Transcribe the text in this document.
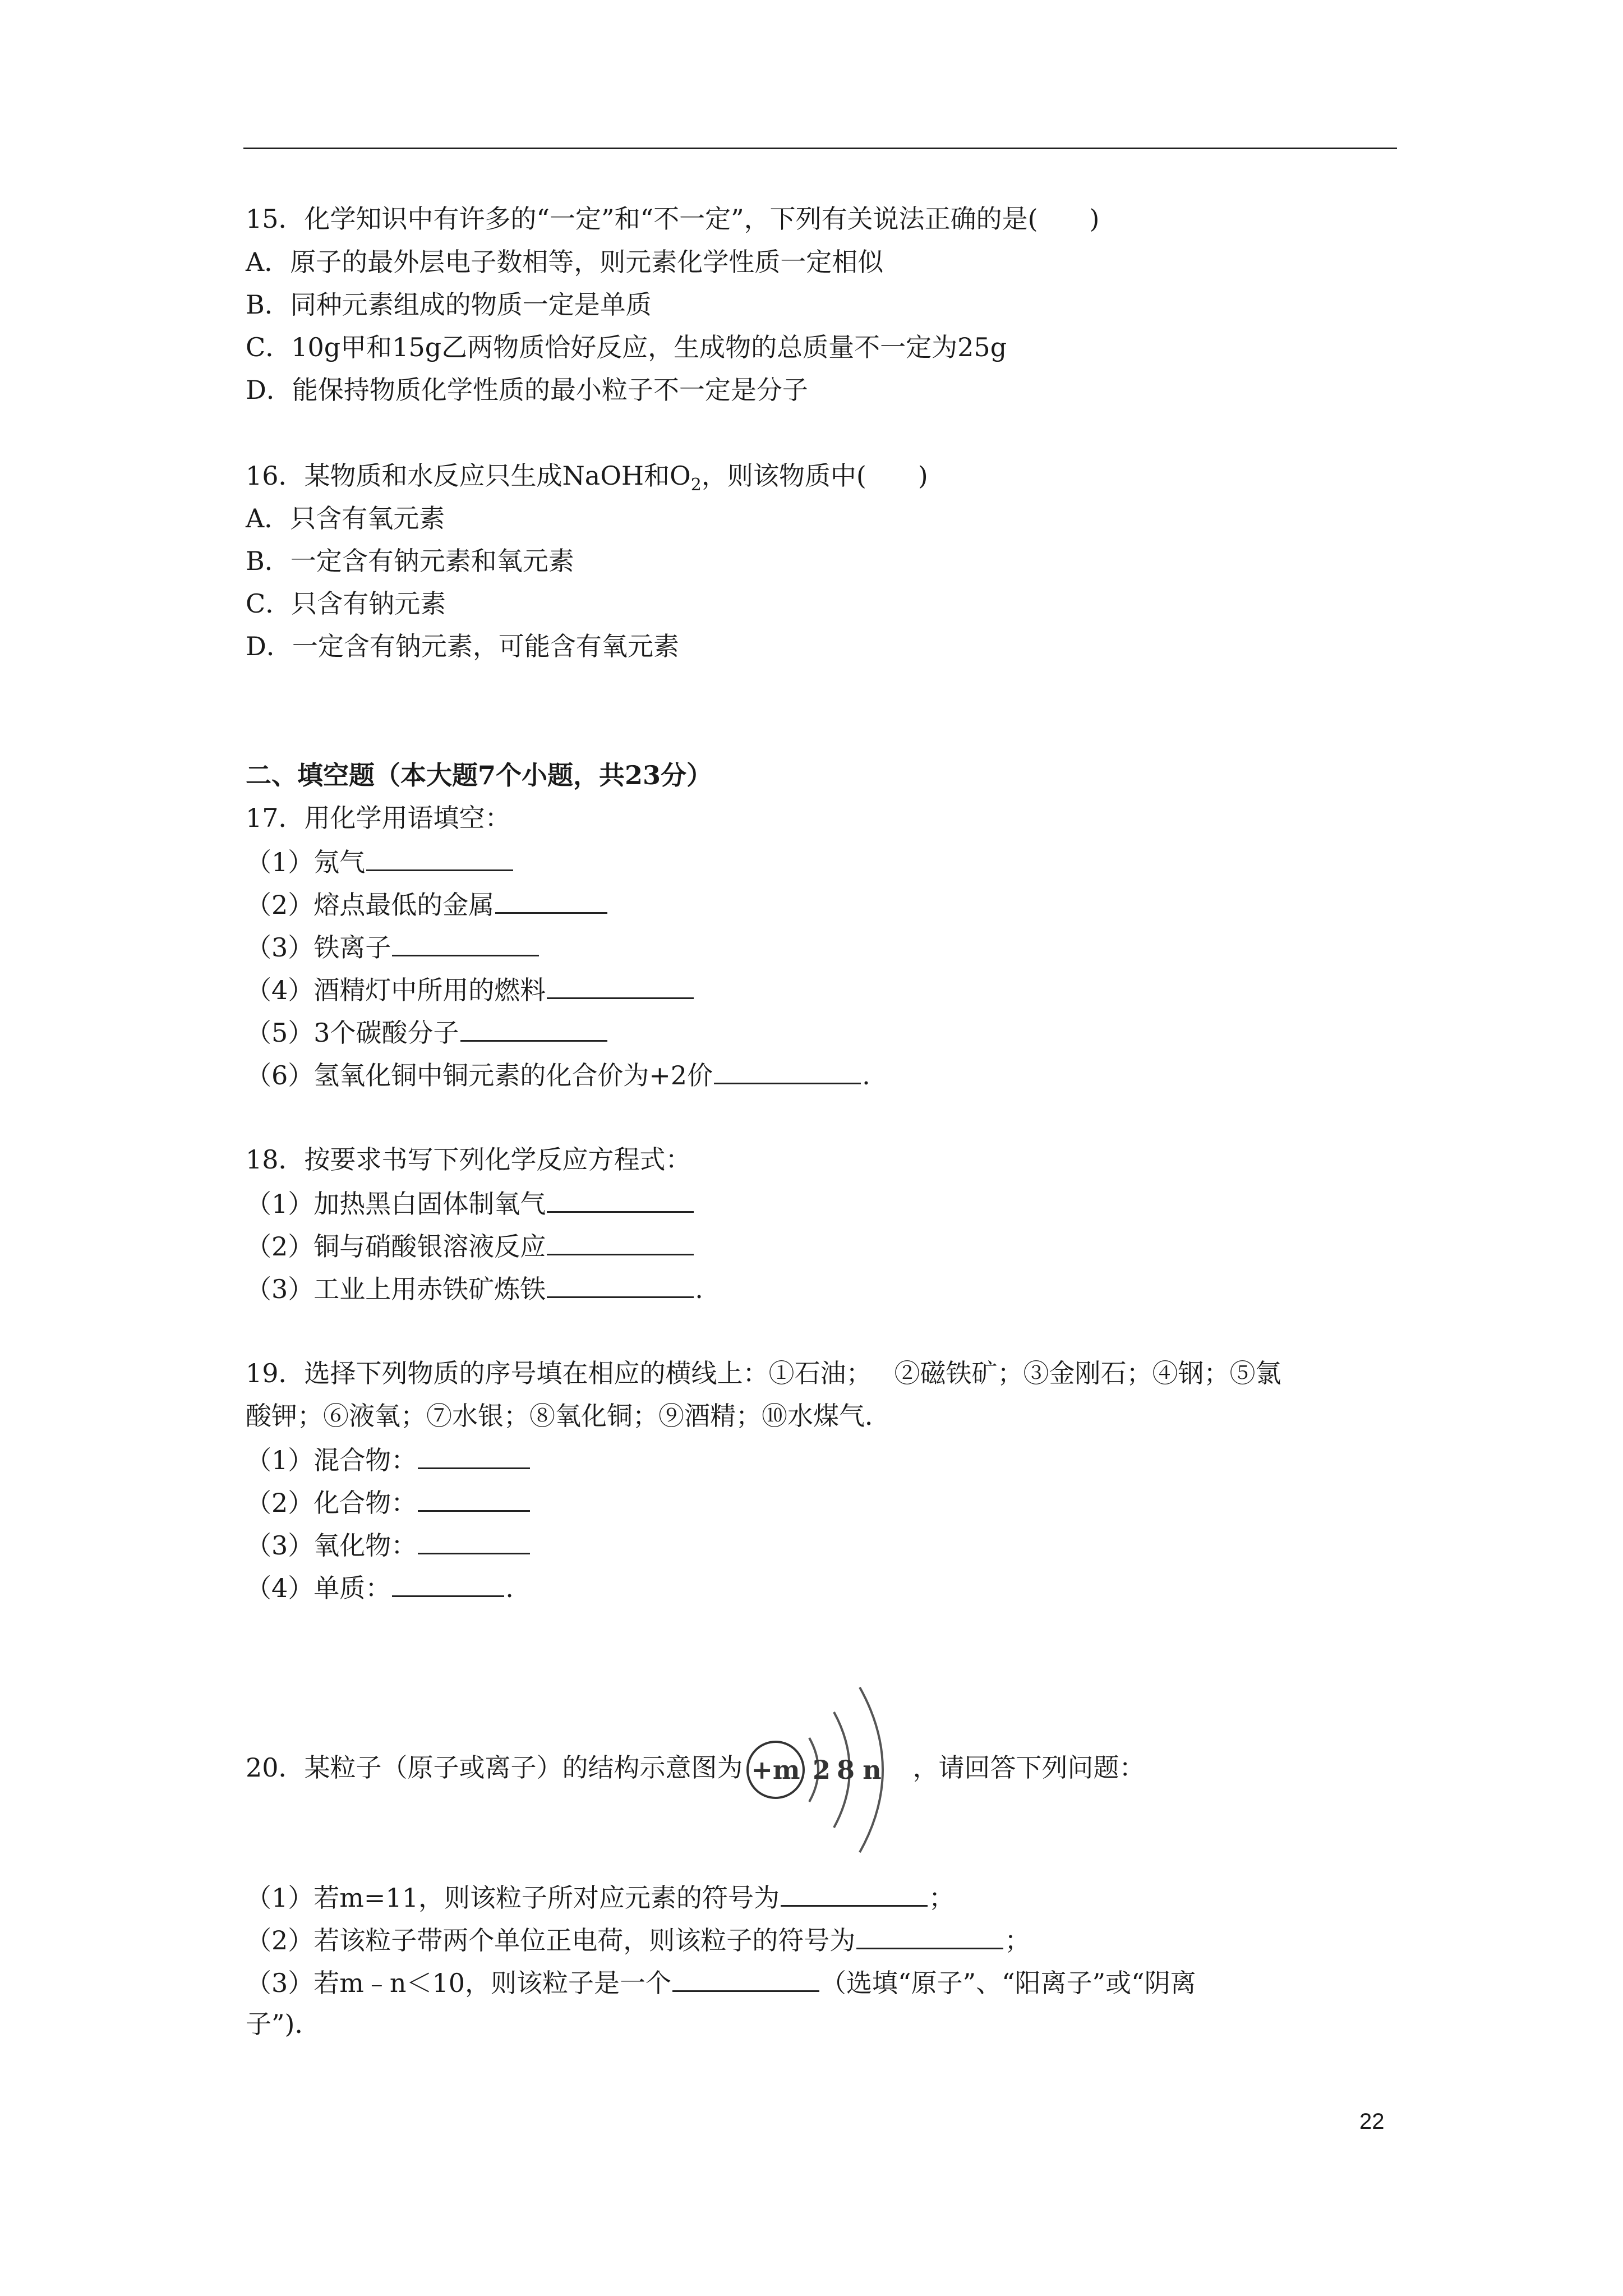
15．化学知识中有许多的“一定”和“不一定”，下列有关说法正确的是(　　)
A．原子的最外层电子数相等，则元素化学性质一定相似
B．同种元素组成的物质一定是单质
C．10g甲和15g乙两物质恰好反应，生成物的总质量不一定为25g
D．能保持物质化学性质的最小粒子不一定是分子
16．某物质和水反应只生成NaOH和$O_2$，则该物质中(　　)
A．只含有氧元素
B．一定含有钠元素和氧元素
C．只含有钠元素
D．一定含有钠元素，可能含有氧元素
二、填空题（本大题7个小题，共23分）
17．用化学用语填空：
（1）氖气
（2）熔点最低的金属
（3）铁离子
（4）酒精灯中所用的燃料
（5）3个碳酸分子
（6）氢氧化铜中铜元素的化合价为+2价	.
18．按要求书写下列化学反应方程式：
（1）加热黑白固体制氧气
（2）铜与硝酸银溶液反应
（3）工业上用赤铁矿炼铁	.
19．选择下列物质的序号填在相应的横线上：①石油； ②磁铁矿；③金刚石；④钢；⑤氯
酸钾；⑥液氧；⑦水银；⑧氧化铜；⑨酒精；⑩水煤气．
（1）混合物：
（2）化合物：
（3）氧化物：
（4）单质：	.
20．某粒子（原子或离子）的结构示意图为 +m 2 8 n ，请回答下列问题：
（1）若m=11，则该粒子所对应元素的符号为	；
（2）若该粒子带两个单位正电荷，则该粒子的符号为	；
（3）若m﹣n＜10，则该粒子是一个	（选填“原子”、“阳离子”或“阴离
子”)．
22
